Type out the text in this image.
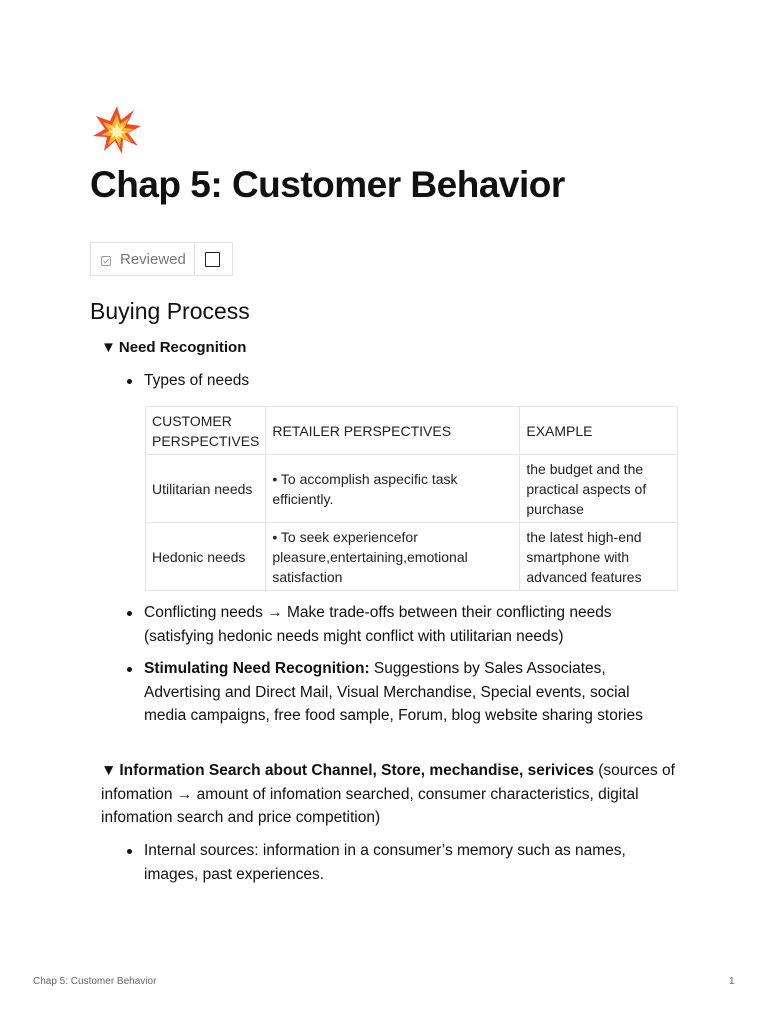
Chap 5: Customer Behavior
Reviewed
Buying Process
▼ Need Recognition
Types of needs
CUSTOMER PERSPECTIVES	RETAILER PERSPECTIVES	EXAMPLE
Utilitarian needs	• To accomplish aspecific task efficiently.	the budget and the practical aspects of purchase
Hedonic needs	• To seek experiencefor pleasure,entertaining,emotional satisfaction	the latest high-end smartphone with advanced features
Conflicting needs → Make trade-offs between their conflicting needs (satisfying hedonic needs might conflict with utilitarian needs)
Stimulating Need Recognition: Suggestions by Sales Associates, Advertising and Direct Mail, Visual Merchandise, Special events, social media campaigns, free food sample, Forum, blog website sharing stories
▼ Information Search about Channel, Store, mechandise, serivices (sources of infomation → amount of infomation searched, consumer characteristics, digital infomation search and price competition)
Internal sources: information in a consumer’s memory such as names, images, past experiences.
Chap 5: Customer Behavior	1
